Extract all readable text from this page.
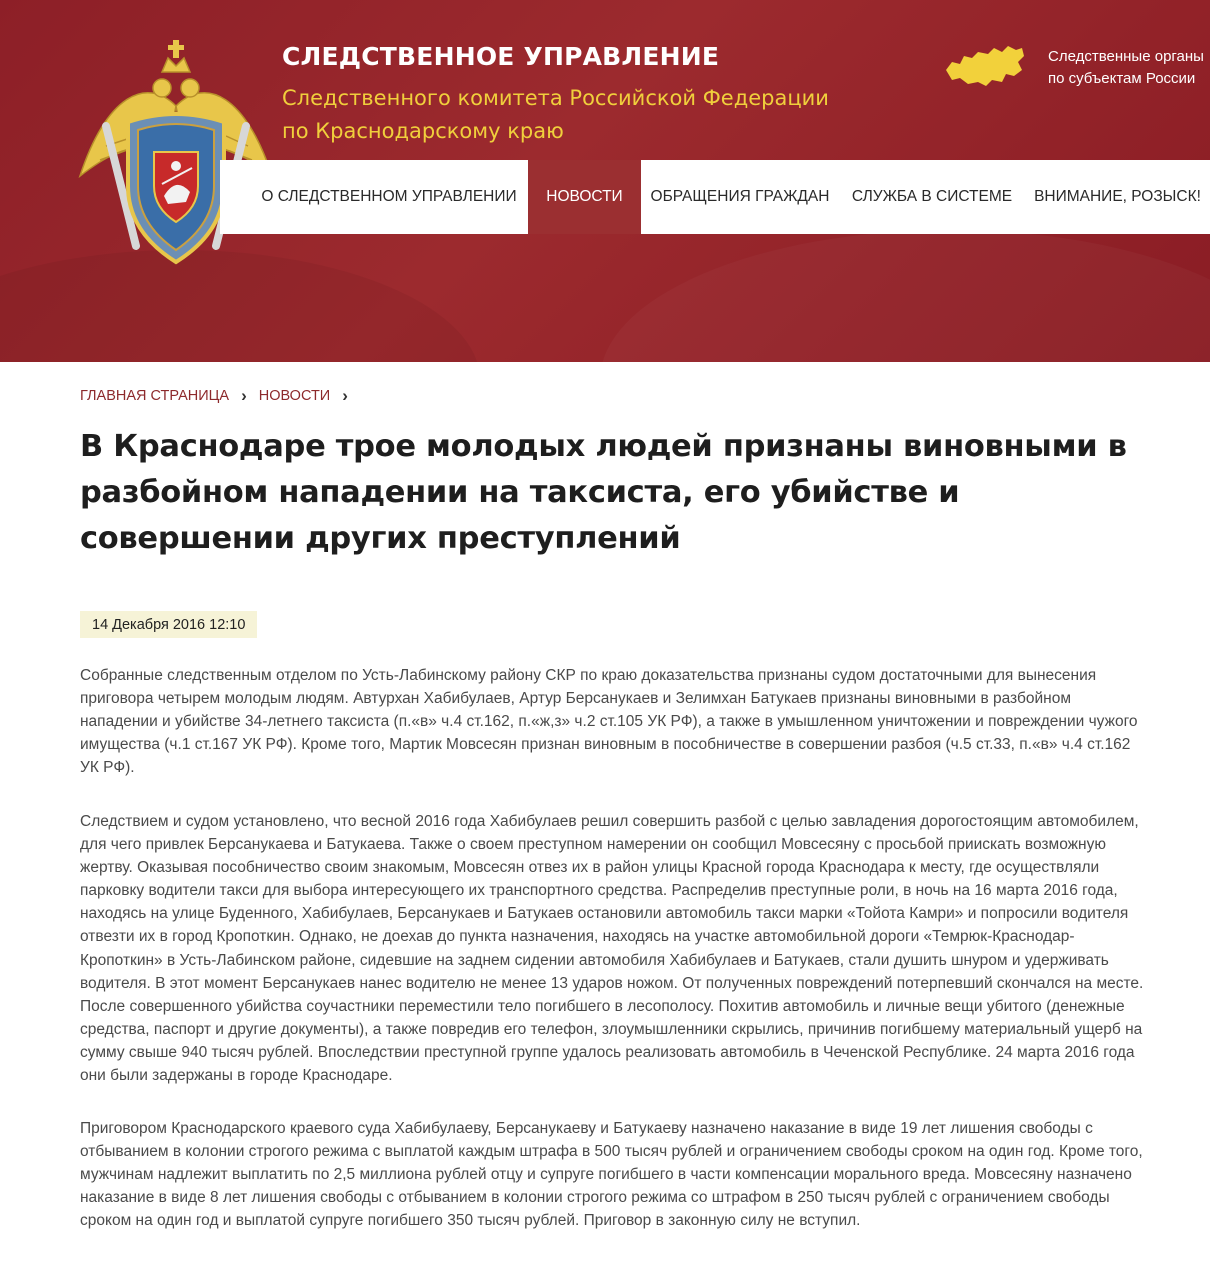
СЛЕДСТВЕННОЕ УПРАВЛЕНИЕ
Следственного комитета Российской Федерации
по Краснодарскому краю
Следственные органы
по субъектам России
О СЛЕДСТВЕННОМ УПРАВЛЕНИИ	НОВОСТИ	ОБРАЩЕНИЯ ГРАЖДАН	СЛУЖБА В СИСТЕМЕ	ВНИМАНИЕ, РОЗЫСК!
ГЛАВНАЯ СТРАНИЦА › НОВОСТИ ›
В Краснодаре трое молодых людей признаны виновными в разбойном нападении на таксиста, его убийстве и совершении других преступлений
14 Декабря 2016 12:10

Собранные следственным отделом по Усть-Лабинскому району СКР по краю доказательства признаны судом достаточными для вынесения приговора четырем молодым людям. Автурхан Хабибулаев, Артур Берсанукаев и Зелимхан Батукаев признаны виновными в разбойном нападении и убийстве 34-летнего таксиста (п.«в» ч.4 ст.162, п.«ж,з» ч.2 ст.105 УК РФ), а также в умышленном уничтожении и повреждении чужого имущества (ч.1 ст.167 УК РФ). Кроме того, Мартик Мовсесян признан виновным в пособничестве в совершении разбоя (ч.5 ст.33, п.«в» ч.4 ст.162 УК РФ).

Следствием и судом установлено, что весной 2016 года Хабибулаев решил совершить разбой с целью завладения дорогостоящим автомобилем, для чего привлек Берсанукаева и Батукаева. Также о своем преступном намерении он сообщил Мовсесяну с просьбой приискать возможную жертву. Оказывая пособничество своим знакомым, Мовсесян отвез их в район улицы Красной города Краснодара к месту, где осуществляли парковку водители такси для выбора интересующего их транспортного средства. Распределив преступные роли, в ночь на 16 марта 2016 года, находясь на улице Буденного, Хабибулаев, Берсанукаев и Батукаев остановили автомобиль такси марки «Тойота Камри» и попросили водителя отвезти их в город Кропоткин. Однако, не доехав до пункта назначения, находясь на участке автомобильной дороги «Темрюк-Краснодар-Кропоткин» в Усть-Лабинском районе, сидевшие на заднем сидении автомобиля Хабибулаев и Батукаев, стали душить шнуром и удерживать водителя. В этот момент Берсанукаев нанес водителю не менее 13 ударов ножом. От полученных повреждений потерпевший скончался на месте. После совершенного убийства соучастники переместили тело погибшего в лесополосу. Похитив автомобиль и личные вещи убитого (денежные средства, паспорт и другие документы), а также повредив его телефон, злоумышленники скрылись, причинив погибшему материальный ущерб на сумму свыше 940 тысяч рублей. Впоследствии преступной группе удалось реализовать автомобиль в Чеченской Республике. 24 марта 2016 года они были задержаны в городе Краснодаре.

Приговором Краснодарского краевого суда Хабибулаеву, Берсанукаеву и Батукаеву назначено наказание в виде 19 лет лишения свободы с отбыванием в колонии строгого режима с выплатой каждым штрафа в 500 тысяч рублей и ограничением свободы сроком на один год. Кроме того, мужчинам надлежит выплатить по 2,5 миллиона рублей отцу и супруге погибшего в части компенсации морального вреда. Мовсесяну назначено наказание в виде 8 лет лишения свободы с отбыванием в колонии строгого режима со штрафом в 250 тысяч рублей с ограничением свободы сроком на один год и выплатой супруге погибшего 350 тысяч рублей. Приговор в законную силу не вступил.
